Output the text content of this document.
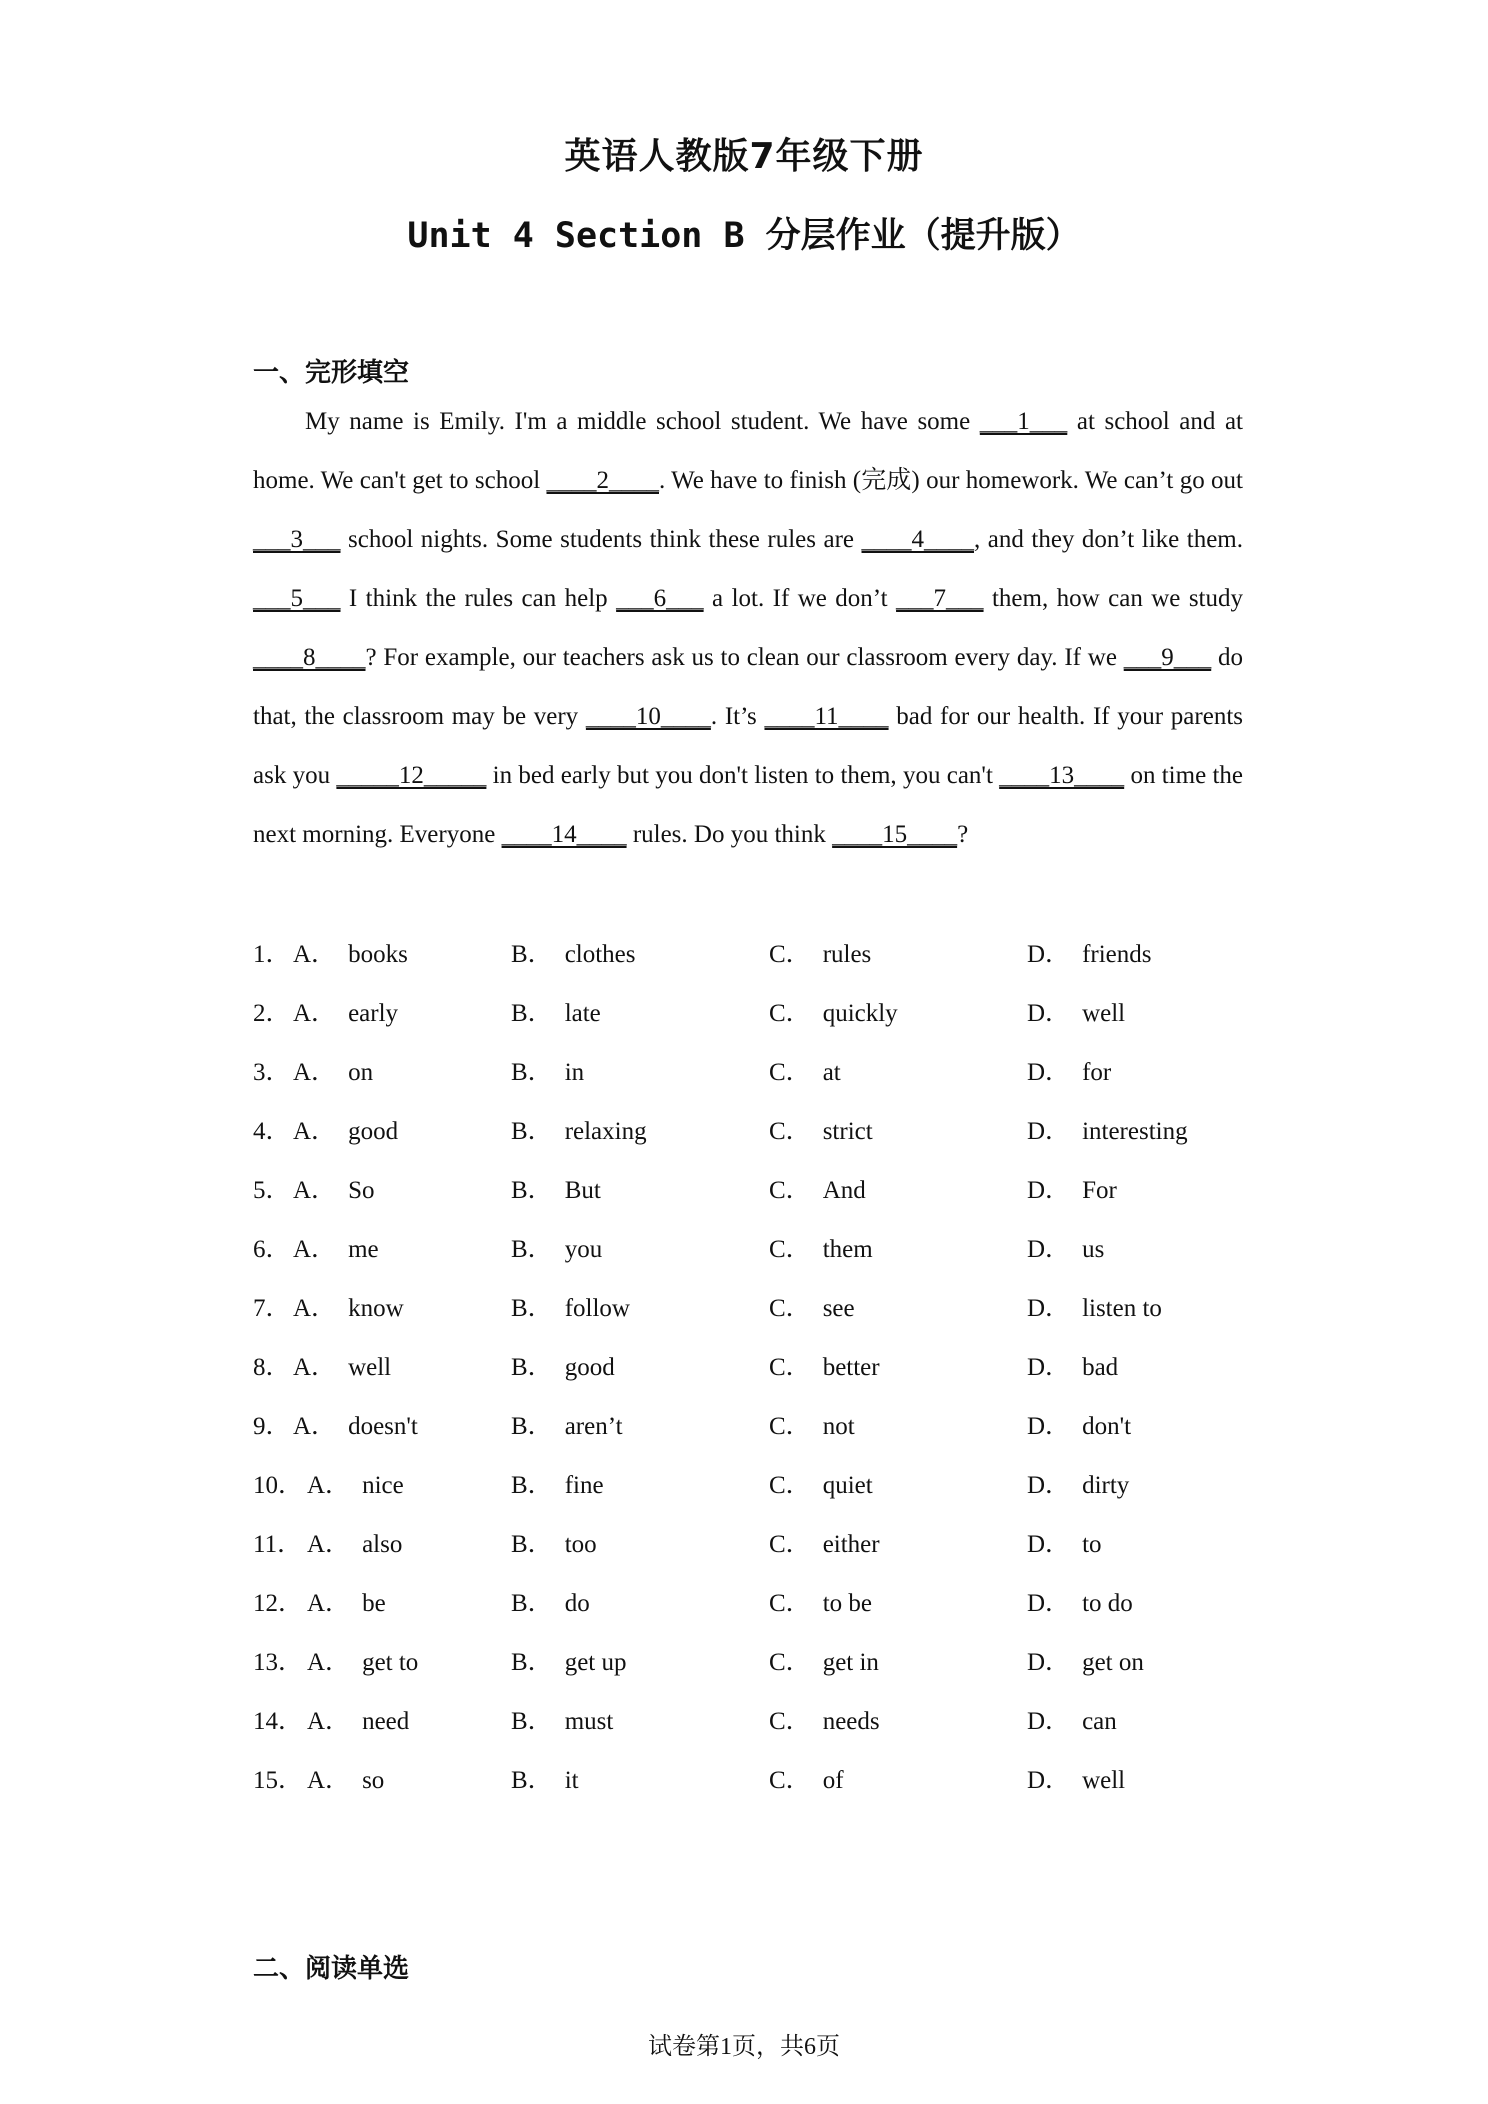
英语人教版7年级下册
Unit 4 Section B 分层作业（提升版）
一、完形填空

My name is Emily. I'm a middle school student. We have some ___1___ at school and at home. We can't get to school ____2____. We have to finish (完成) our homework. We can’t go out ___3___ school nights. Some students think these rules are ____4____, and they don’t like them. ___5___ I think the rules can help ___6___ a lot. If we don’t ___7___ them, how can we study ____8____? For example, our teachers ask us to clean our classroom every day. If we ___9___ do that, the classroom may be very ____10____. It’s ____11____ bad for our health. If your parents ask you _____12_____ in bed early but you don't listen to them, you can't ____13____ on time the next morning. Everyone ____14____ rules. Do you think ____15____?

1． A． books	B． clothes	C． rules	D． friends
2． A． early	B． late	C． quickly	D． well
3． A． on	B． in	C． at	D． for
4． A． good	B． relaxing	C． strict	D． interesting
5． A． So	B． But	C． And	D． For
6． A． me	B． you	C． them	D． us
7． A． know	B． follow	C． see	D． listen to
8． A． well	B． good	C． better	D． bad
9． A． doesn't	B． aren’t	C． not	D． don't
10． A． nice	B． fine	C． quiet	D． dirty
11． A． also	B． too	C． either	D． to
12． A． be	B． do	C． to be	D． to do
13． A． get to	B． get up	C． get in	D． get on
14． A． need	B． must	C． needs	D． can
15． A． so	B． it	C． of	D． well
二、阅读单选
试卷第1页，共6页
